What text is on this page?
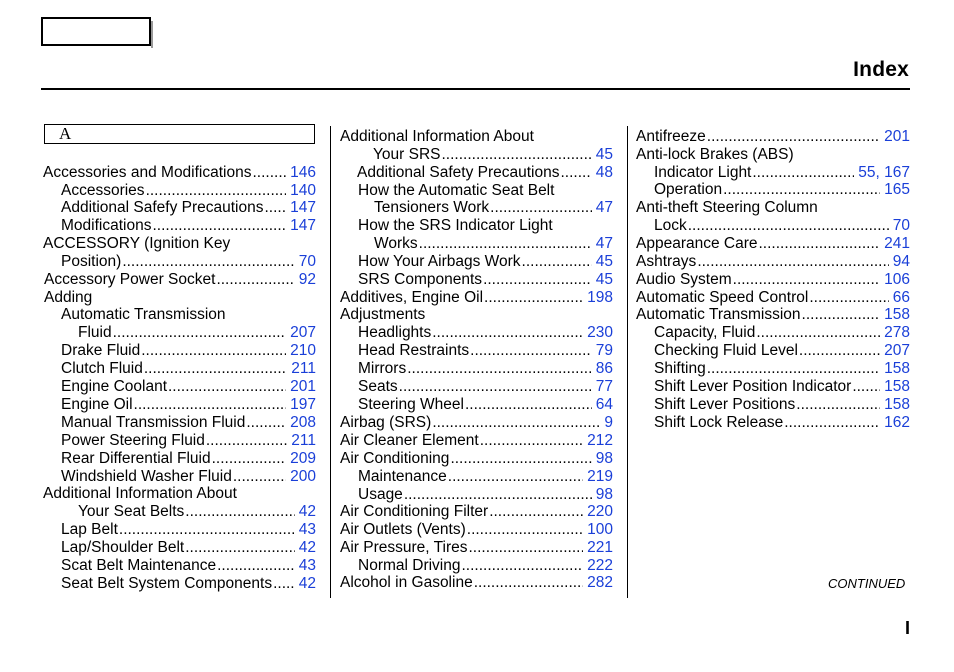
Index
A
Accessories and Modifications ..... 146
Accessories .....	140
Additional Safefy Precautions ..... 147
Modifications .....	147
ACCESSORY (Ignition Key
Position) .....	70
Accessory Power Socket .....	92
Adding
Automatic Transmission
Fluid .....	207
Drake Fluid .....	210
Clutch Fluid .....	211
Engine Coolant .....	201
Engine Oil .....	197
Manual Transmission Fluid .....	208
Power Steering Fluid .....	211
Rear Differential Fluid .....	209
Windshield Washer Fluid .....	200
Additional Information About
Your Seat Belts .....	42
Lap Belt .....	43
Lap/Shoulder Belt .....	42
Scat Belt Maintenance .....	43
Seat Belt System Components ..... 42
Additional Information About
Your SRS .....	45
Additional Safety Precautions ..... 48
How the Automatic Seat Belt
Tensioners Work .....	47
How the SRS Indicator Light
Works .....	47
How Your Airbags Work .....	45
SRS Components .....	45
Additives, Engine Oil .....	198
Adjustments
Headlights .....	230
Head Restraints .....	79
Mirrors .....	86
Seats .....	77
Steering Wheel .....	64
Airbag (SRS) .....	9
Air Cleaner Element .....	212
Air Conditioning .....	98
Maintenance .....	219
Usage .....	98
Air Conditioning Filter .....	220
Air Outlets (Vents) .....	100
Air Pressure, Tires .....	221
Normal Driving .....	222
Alcohol in Gasoline .....	282
Antifreeze .....	201
Anti-lock Brakes (ABS)
Indicator Light .....	55, 167
Operation .....	165
Anti-theft Steering Column
Lock .....	70
Appearance Care .....	241
Ashtrays .....	94
Audio System .....	106
Automatic Speed Control .....	66
Automatic Transmission .....	158
Capacity, Fluid .....	278
Checking Fluid Level .....	207
Shifting .....	158
Shift Lever Position Indicator ..... 158
Shift Lever Positions .....	158
Shift Lock Release .....	162
CONTINUED
I
